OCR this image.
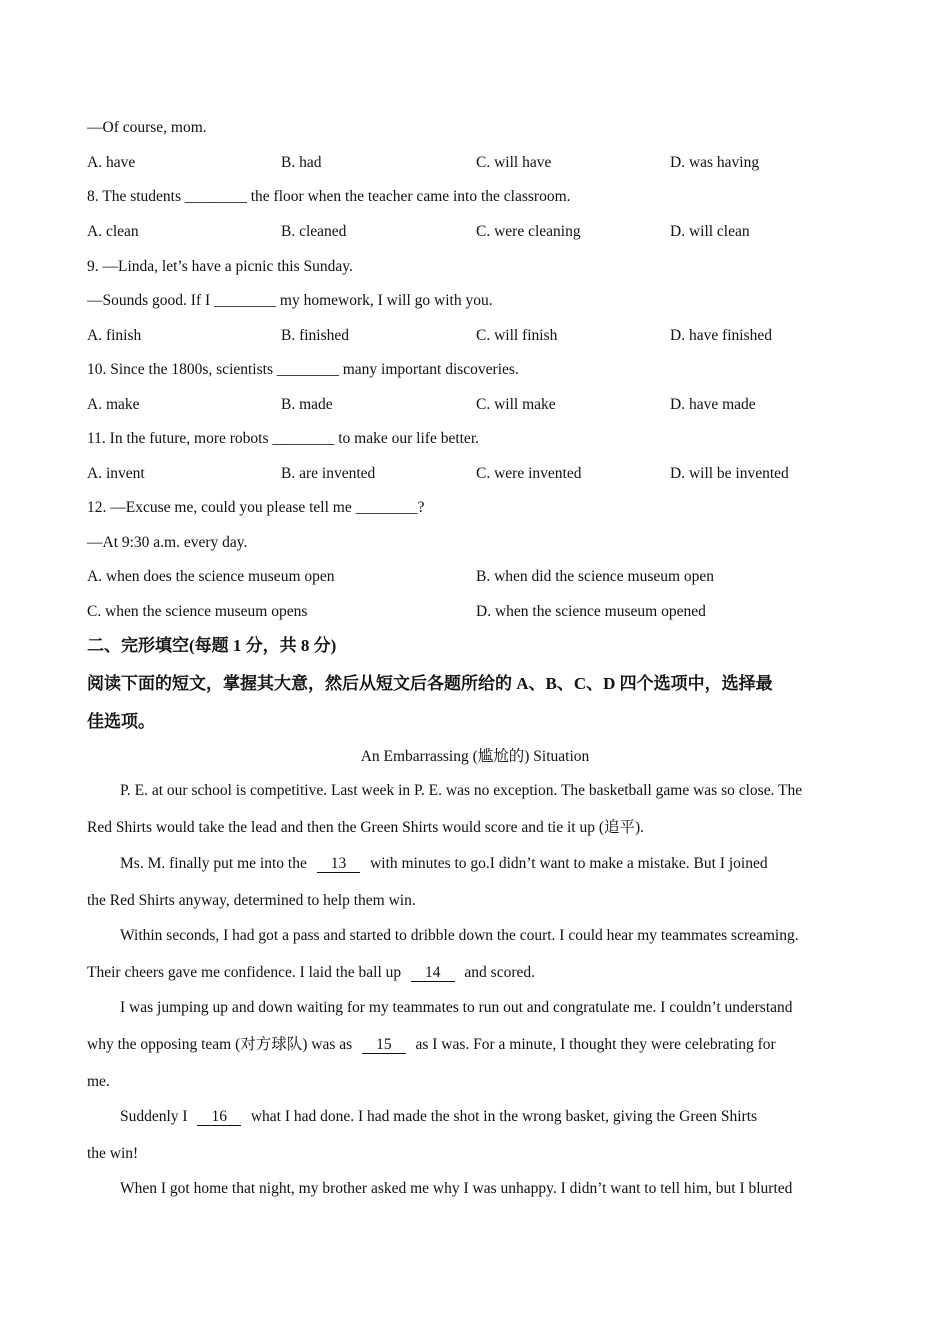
—Of course, mom.
A. have	B. had	C. will have	D. was having
8. The students ________ the floor when the teacher came into the classroom.
A. clean	B. cleaned	C. were cleaning	D. will clean
9. —Linda, let’s have a picnic this Sunday.
—Sounds good. If I ________ my homework, I will go with you.
A. finish	B. finished	C. will finish	D. have finished
10. Since the 1800s, scientists ________ many important discoveries.
A. make	B. made	C. will make	D. have made
11. In the future, more robots ________ to make our life better.
A. invent	B. are invented	C. were invented	D. will be invented
12. —Excuse me, could you please tell me ________?
—At 9:30 a.m. every day.
A. when does the science museum open	B. when did the science museum open
C. when the science museum opens	D. when the science museum opened
二、完形填空(每题 1 分，共 8 分)
阅读下面的短文，掌握其大意，然后从短文后各题所给的 A、B、C、D 四个选项中，选择最
佳选项。
An Embarrassing (尴尬的) Situation
P. E. at our school is competitive. Last week in P. E. was no exception. The basketball game was so close. The
Red Shirts would take the lead and then the Green Shirts would score and tie it up (追平).
Ms. M. finally put me into the 13 with minutes to go.I didn’t want to make a mistake. But I joined
the Red Shirts anyway, determined to help them win.
Within seconds, I had got a pass and started to dribble down the court. I could hear my teammates screaming.
Their cheers gave me confidence. I laid the ball up 14 and scored.
I was jumping up and down waiting for my teammates to run out and congratulate me. I couldn’t understand
why the opposing team (对方球队) was as 15 as I was. For a minute, I thought they were celebrating for
me.
Suddenly I 16 what I had done. I had made the shot in the wrong basket, giving the Green Shirts
the win!
When I got home that night, my brother asked me why I was unhappy. I didn’t want to tell him, but I blurted
